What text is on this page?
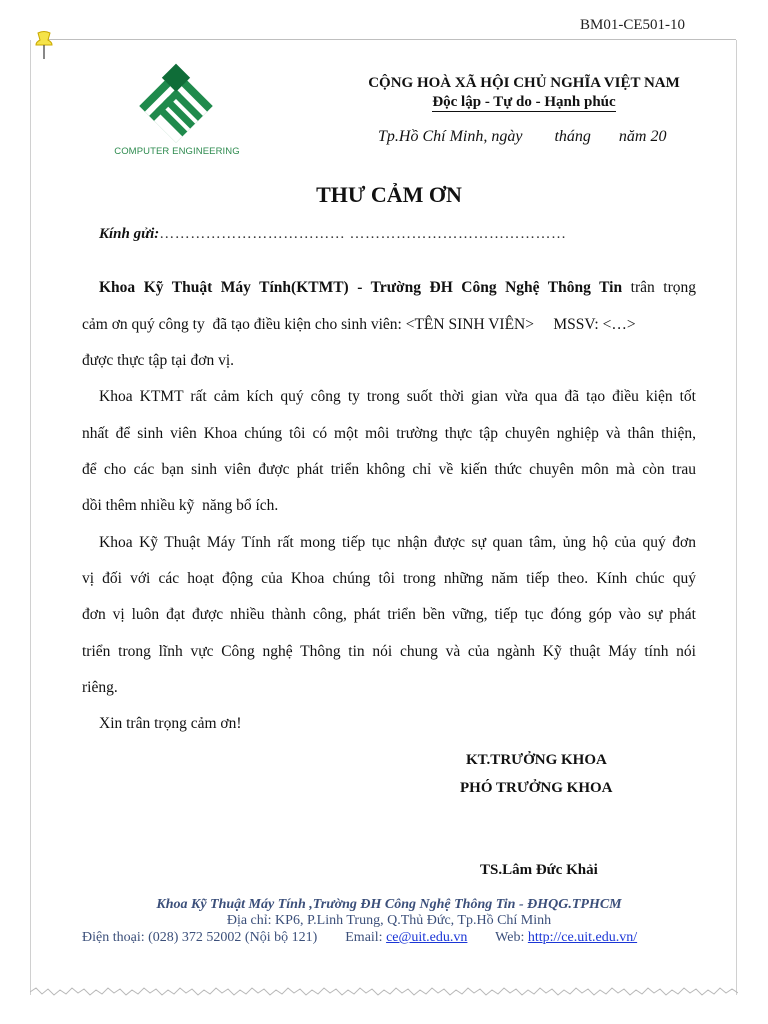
BM01-CE501-10
COMPUTER ENGINEERING
CỘNG HOÀ XÃ HỘI CHỦ NGHĨA VIỆT NAM
Độc lập - Tự do - Hạnh phúc
Tp.Hồ Chí Minh, ngày tháng năm 20
THƯ CẢM ƠN
Kính gửi:……………………………… ……………………………………
Khoa Kỹ Thuật Máy Tính(KTMT) - Trường ĐH Công Nghệ Thông Tin trân trọng
cảm ơn quý công ty  đã tạo điều kiện cho sinh viên: <TÊN SINH VIÊN>     MSSV: <…>
được thực tập tại đơn vị.
Khoa KTMT rất cảm kích quý công ty trong suốt thời gian vừa qua đã tạo điều kiện tốt
nhất để sinh viên Khoa chúng tôi có một môi trường thực tập chuyên nghiệp và thân thiện,
để cho các bạn sinh viên được phát triển không chỉ về kiến thức chuyên môn mà còn trau
dồi thêm nhiều kỹ  năng bổ ích.
Khoa Kỹ Thuật Máy Tính rất mong tiếp tục nhận được sự quan tâm, ủng hộ của quý đơn
vị đối với các hoạt động của Khoa chúng tôi trong những năm tiếp theo. Kính chúc quý
đơn vị luôn đạt được nhiều thành công, phát triển bền vững, tiếp tục đóng góp vào sự phát
triển trong lĩnh vực Công nghệ Thông tin nói chung và của ngành Kỹ thuật Máy tính nói
riêng.
Xin trân trọng cảm ơn!
KT.TRƯỞNG KHOA
PHÓ TRƯỞNG KHOA
TS.Lâm Đức Khải
Khoa Kỹ Thuật Máy Tính ,Trường ĐH Công Nghệ Thông Tin - ĐHQG.TPHCM
Địa chỉ: KP6, P.Linh Trung, Q.Thủ Đức, Tp.Hồ Chí Minh
Điện thoại: (028) 372 52002 (Nội bộ 121) Email: ce@uit.edu.vn Web: http://ce.uit.edu.vn/
